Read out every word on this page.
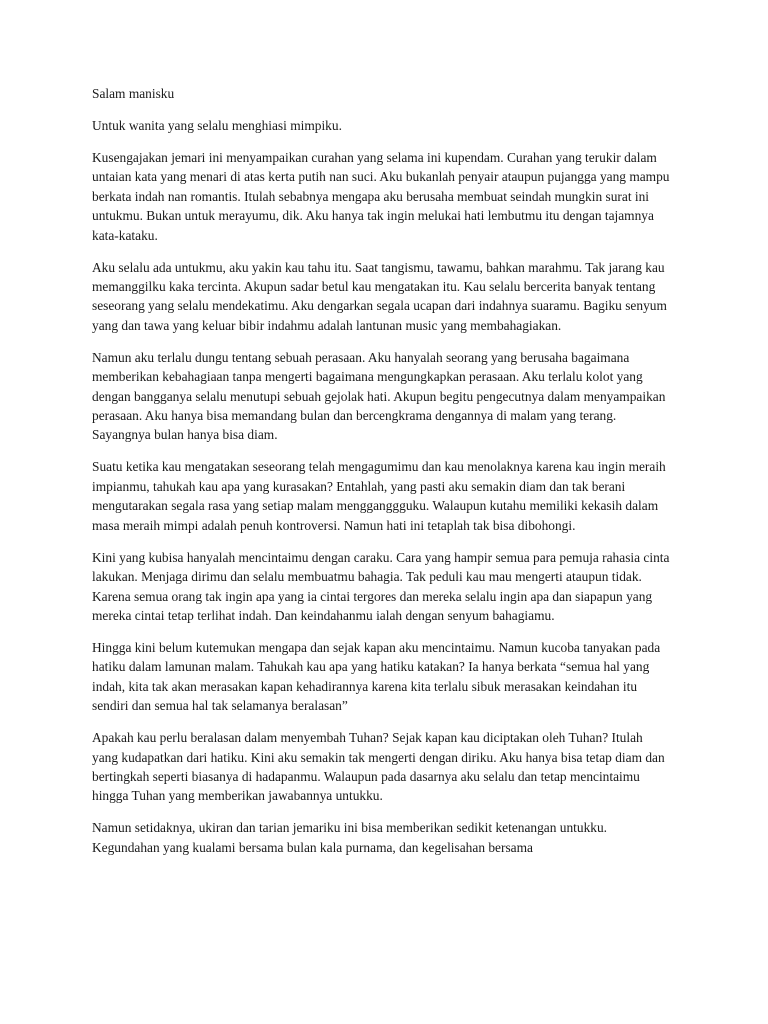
Salam manisku

Untuk wanita yang selalu menghiasi mimpiku.

Kusengajakan jemari ini menyampaikan curahan yang selama ini kupendam. Curahan yang terukir dalam untaian kata yang menari di atas kerta putih nan suci. Aku bukanlah penyair ataupun pujangga yang mampu berkata indah nan romantis. Itulah sebabnya mengapa aku berusaha membuat seindah mungkin surat ini untukmu. Bukan untuk merayumu, dik. Aku hanya tak ingin melukai hati lembutmu itu dengan tajamnya kata-kataku.

Aku selalu ada untukmu, aku yakin kau tahu itu. Saat tangismu, tawamu, bahkan marahmu. Tak jarang kau memanggilku kaka tercinta. Akupun sadar betul kau mengatakan itu. Kau selalu bercerita banyak tentang seseorang yang selalu mendekatimu. Aku dengarkan segala ucapan dari indahnya suaramu. Bagiku senyum yang dan tawa yang keluar bibir indahmu adalah lantunan music yang membahagiakan.

Namun aku terlalu dungu tentang sebuah perasaan. Aku hanyalah seorang yang berusaha bagaimana memberikan kebahagiaan tanpa mengerti bagaimana mengungkapkan perasaan. Aku terlalu kolot yang dengan bangganya selalu menutupi sebuah gejolak hati. Akupun begitu pengecutnya dalam menyampaikan perasaan. Aku hanya bisa memandang bulan dan bercengkrama dengannya di malam yang terang. Sayangnya bulan hanya bisa diam.

Suatu ketika kau mengatakan seseorang telah mengagumimu dan kau menolaknya karena kau ingin meraih impianmu, tahukah kau apa yang kurasakan? Entahlah, yang pasti aku semakin diam dan tak berani mengutarakan segala rasa yang setiap malam mengganggguku. Walaupun kutahu memiliki kekasih dalam masa meraih mimpi adalah penuh kontroversi. Namun hati ini tetaplah tak bisa dibohongi.

Kini yang kubisa hanyalah mencintaimu dengan caraku. Cara yang hampir semua para pemuja rahasia cinta lakukan. Menjaga dirimu dan selalu membuatmu bahagia. Tak peduli kau mau mengerti ataupun tidak. Karena semua orang tak ingin apa yang ia cintai tergores dan mereka selalu ingin apa dan siapapun yang mereka cintai tetap terlihat indah. Dan keindahanmu ialah dengan senyum bahagiamu.

Hingga kini belum kutemukan mengapa dan sejak kapan aku mencintaimu. Namun kucoba tanyakan pada hatiku dalam lamunan malam. Tahukah kau apa yang hatiku katakan? Ia hanya berkata “semua hal yang indah, kita tak akan merasakan kapan kehadirannya karena kita terlalu sibuk merasakan keindahan itu sendiri dan semua hal tak selamanya beralasan”

Apakah kau perlu beralasan dalam menyembah Tuhan? Sejak kapan kau diciptakan oleh Tuhan? Itulah yang kudapatkan dari hatiku. Kini aku semakin tak mengerti dengan diriku. Aku hanya bisa tetap diam dan bertingkah seperti biasanya di hadapanmu. Walaupun pada dasarnya aku selalu dan tetap mencintaimu hingga Tuhan yang memberikan jawabannya untukku.

Namun setidaknya, ukiran dan tarian jemariku ini bisa memberikan sedikit ketenangan untukku. Kegundahan yang kualami bersama bulan kala purnama, dan kegelisahan bersama
